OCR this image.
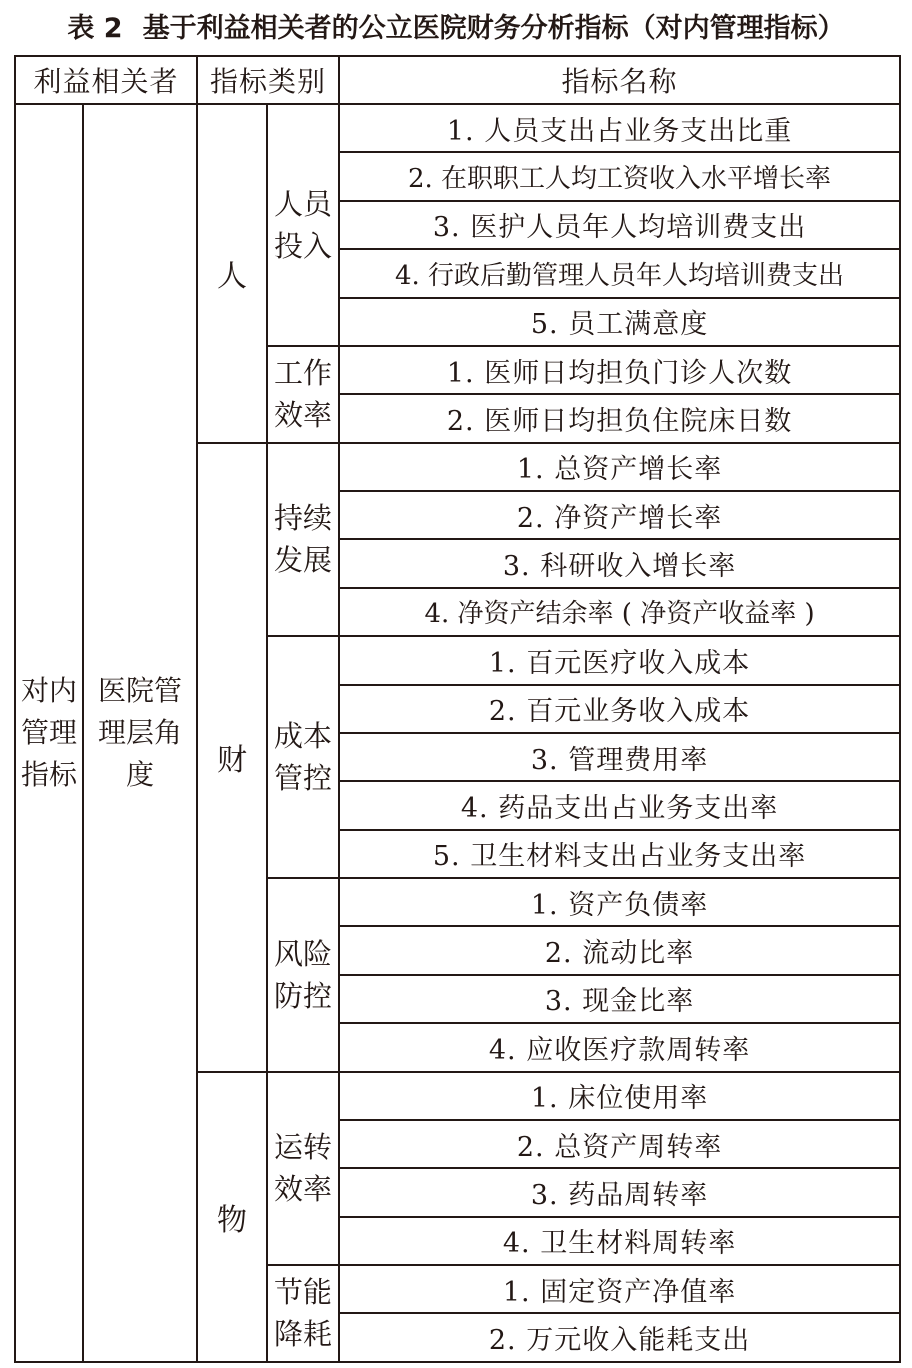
表 2 基于利益相关者的公立医院财务分析指标（对内管理指标）
利益相关者		指标类别		指标名称
对内管理指标	医院管理层角度	人	人员投入	1. 人员支出占业务支出比重
				2. 在职职工人均工资收入水平增长率
				3. 医护人员年人均培训费支出
				4. 行政后勤管理人员年人均培训费支出
				5. 员工满意度
			工作效率	1. 医师日均担负门诊人次数
				2. 医师日均担负住院床日数
		财	持续发展	1. 总资产增长率
				2. 净资产增长率
				3. 科研收入增长率
				4. 净资产结余率 ( 净资产收益率 )
			成本管控	1. 百元医疗收入成本
				2. 百元业务收入成本
				3. 管理费用率
				4. 药品支出占业务支出率
				5. 卫生材料支出占业务支出率
			风险防控	1. 资产负债率
				2. 流动比率
				3. 现金比率
				4. 应收医疗款周转率
		物	运转效率	1. 床位使用率
				2. 总资产周转率
				3. 药品周转率
				4. 卫生材料周转率
			节能降耗	1. 固定资产净值率
				2. 万元收入能耗支出
